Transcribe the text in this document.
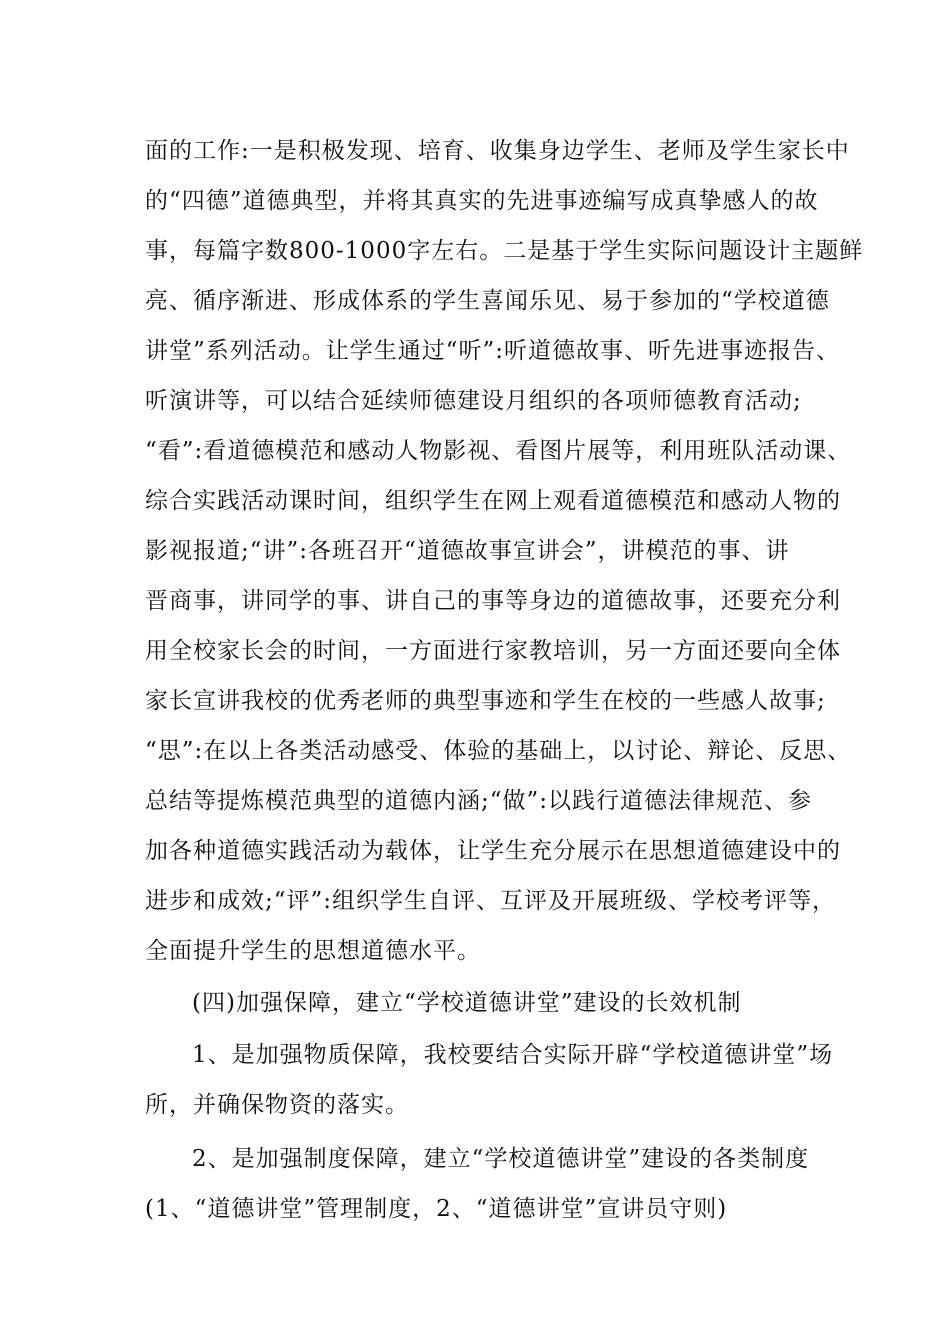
面的工作:一是积极发现、培育、收集身边学生、老师及学生家长中
的“四德”道德典型，并将其真实的先进事迹编写成真挚感人的故
事，每篇字数800-1000字左右。二是基于学生实际问题设计主题鲜
亮、循序渐进、形成体系的学生喜闻乐见、易于参加的“学校道德
讲堂”系列活动。让学生通过“听”:听道德故事、听先进事迹报告、
听演讲等，可以结合延续师德建设月组织的各项师德教育活动;
“看”:看道德模范和感动人物影视、看图片展等，利用班队活动课、
综合实践活动课时间，组织学生在网上观看道德模范和感动人物的
影视报道;“讲”:各班召开“道德故事宣讲会”，讲模范的事、讲
晋商事，讲同学的事、讲自己的事等身边的道德故事，还要充分利
用全校家长会的时间，一方面进行家教培训，另一方面还要向全体
家长宣讲我校的优秀老师的典型事迹和学生在校的一些感人故事;
“思”:在以上各类活动感受、体验的基础上，以讨论、辩论、反思、
总结等提炼模范典型的道德内涵;“做”:以践行道德法律规范、参
加各种道德实践活动为载体，让学生充分展示在思想道德建设中的
进步和成效;“评”:组织学生自评、互评及开展班级、学校考评等，
全面提升学生的思想道德水平。
(四)加强保障，建立“学校道德讲堂”建设的长效机制
1、是加强物质保障，我校要结合实际开辟“学校道德讲堂”场
所，并确保物资的落实。
2、是加强制度保障，建立“学校道德讲堂”建设的各类制度
(1、“道德讲堂”管理制度，2、“道德讲堂”宣讲员守则)
